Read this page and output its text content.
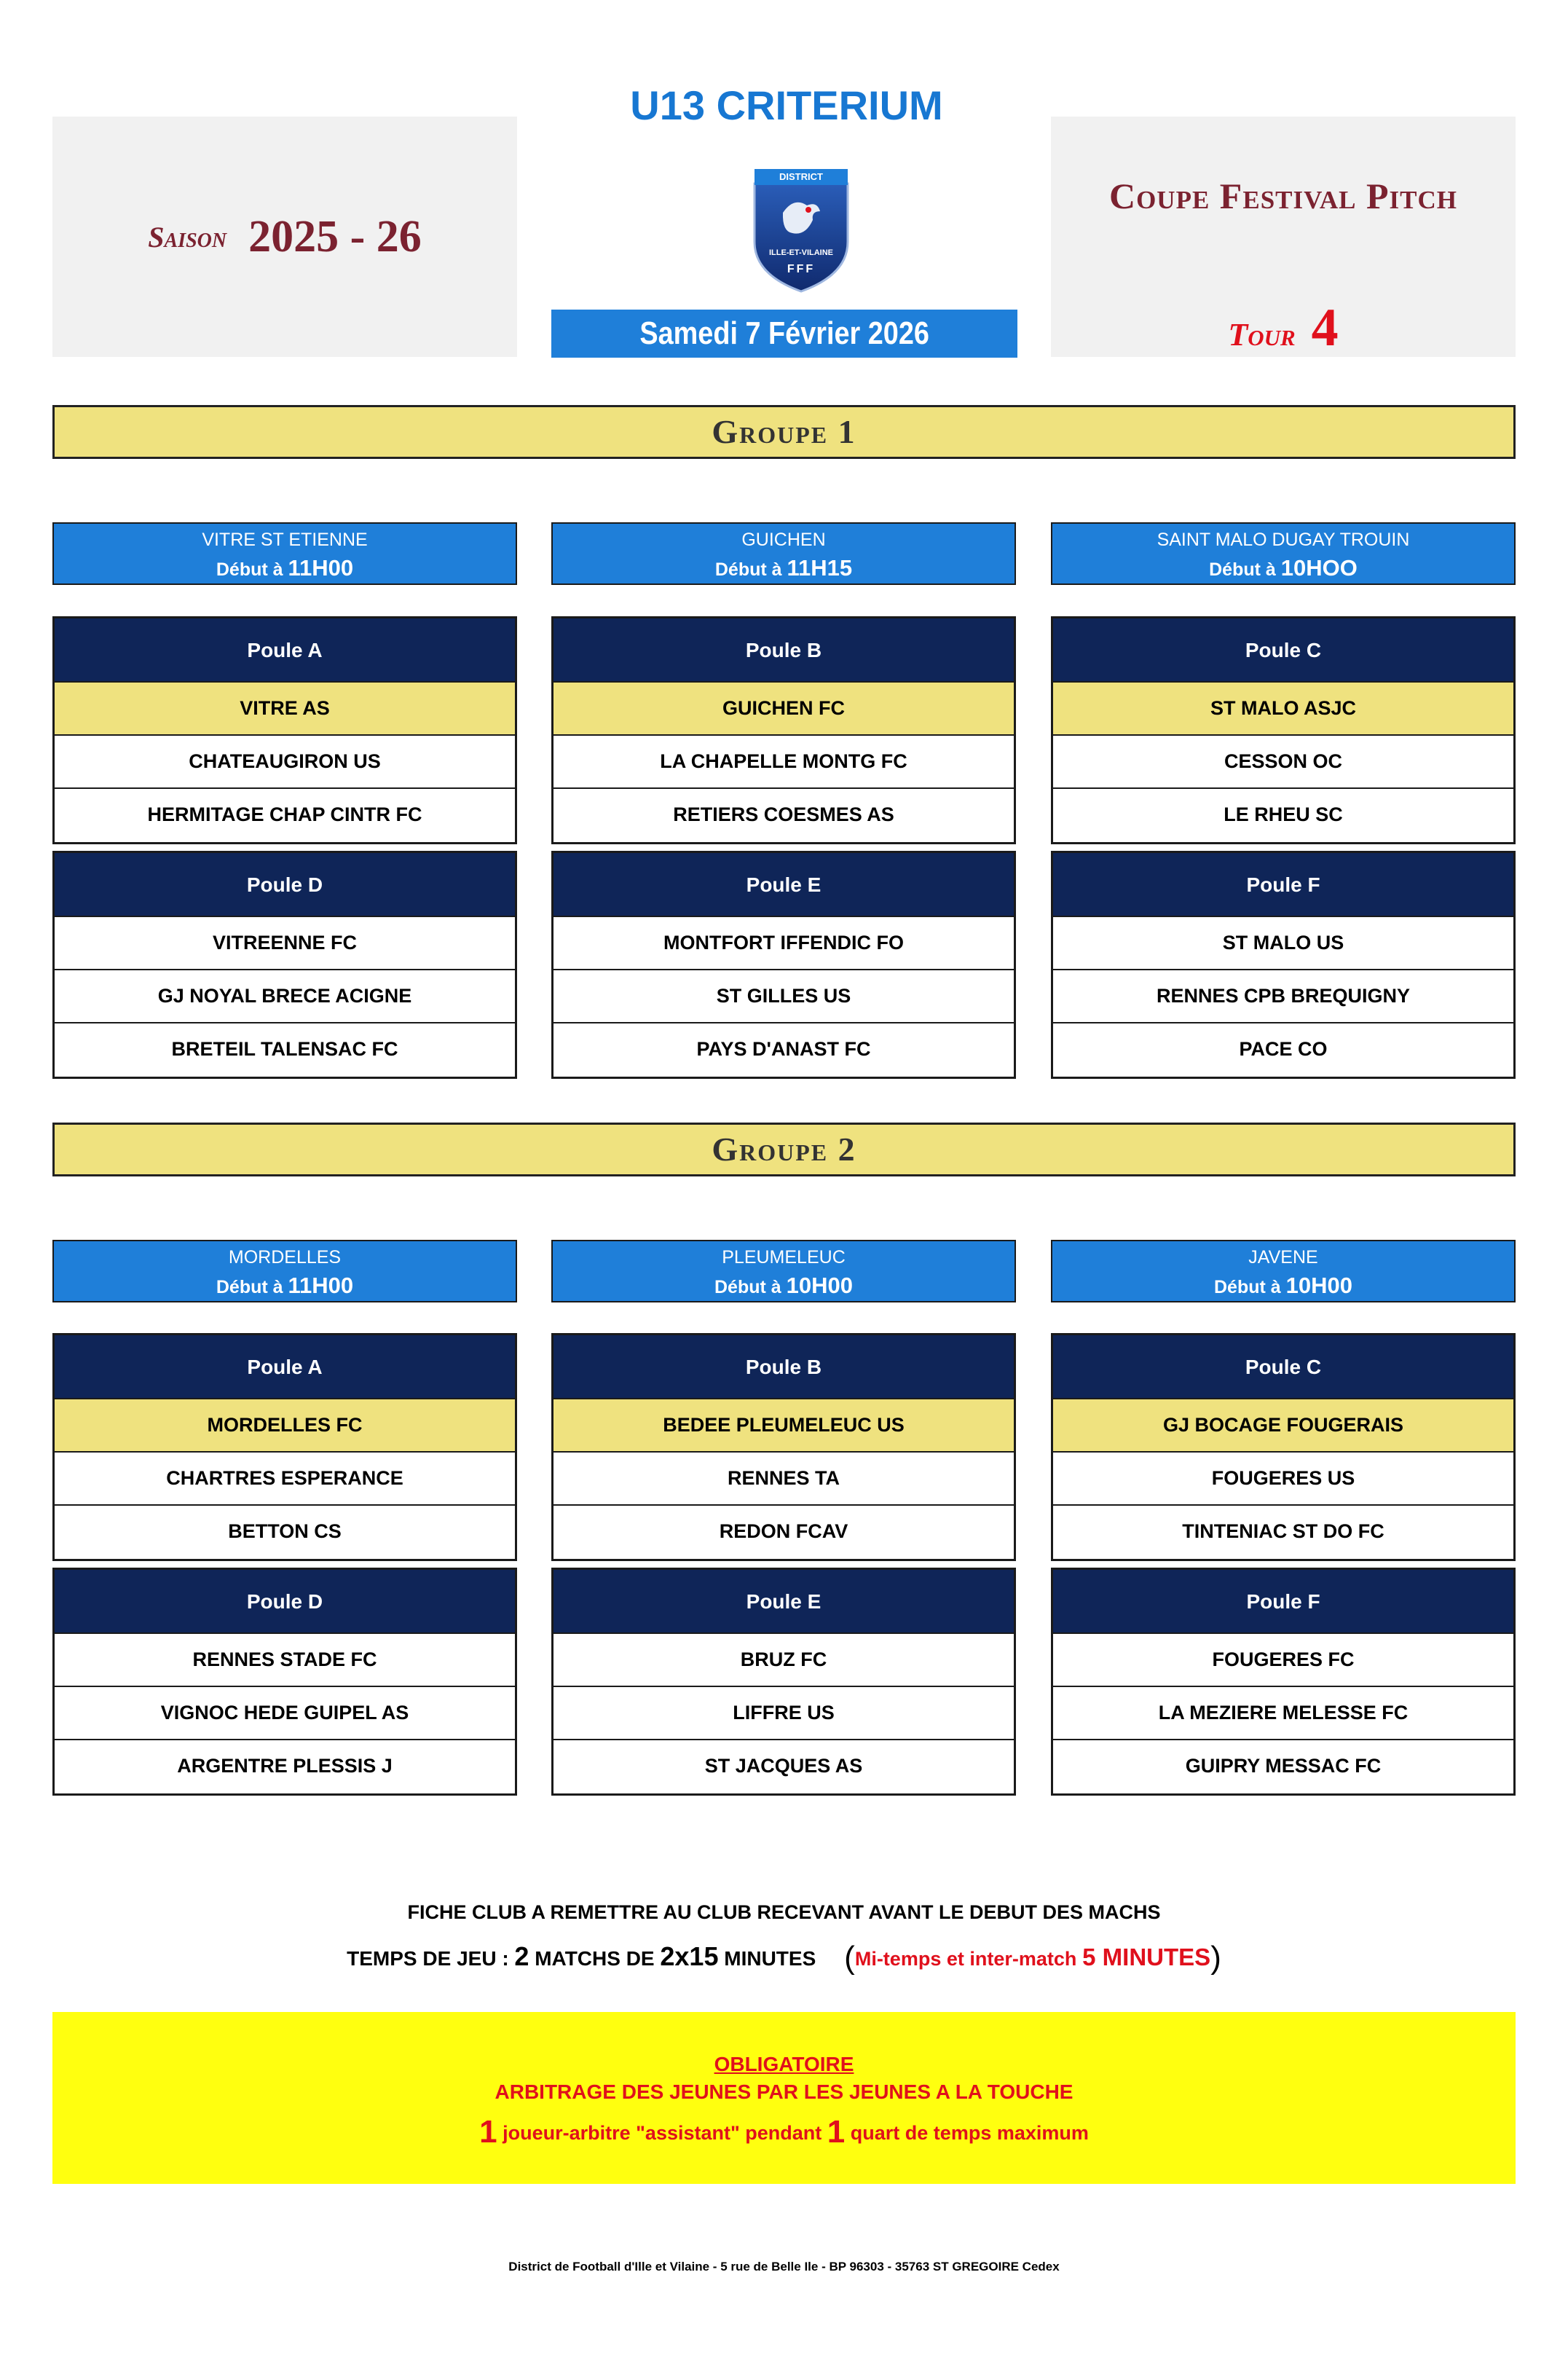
Saison 2025 - 26
U13 CRITERIUM
DISTRICT
ILLE-ET-VILAINE
FFF
Samedi 7 Février 2026
Coupe Festival Pitch
Tour 4
Groupe 1
VITRE ST ETIENNE
Début à 11H00
GUICHEN
Début à 11H15
SAINT MALO DUGAY TROUIN
Début à 10HOO
Poule A
VITRE AS
CHATEAUGIRON US
HERMITAGE CHAP CINTR FC
Poule B
GUICHEN FC
LA CHAPELLE MONTG FC
RETIERS COESMES AS
Poule C
ST MALO ASJC
CESSON OC
LE RHEU SC
Poule D
VITREENNE FC
GJ NOYAL BRECE ACIGNE
BRETEIL TALENSAC FC
Poule E
MONTFORT IFFENDIC FO
ST GILLES US
PAYS D'ANAST FC
Poule F
ST MALO US
RENNES CPB BREQUIGNY
PACE CO
Groupe 2
MORDELLES
Début à 11H00
PLEUMELEUC
Début à 10H00
JAVENE
Début à 10H00
Poule A
MORDELLES FC
CHARTRES ESPERANCE
BETTON CS
Poule B
BEDEE PLEUMELEUC US
RENNES TA
REDON FCAV
Poule C
GJ BOCAGE FOUGERAIS
FOUGERES US
TINTENIAC ST DO FC
Poule D
RENNES STADE FC
VIGNOC HEDE GUIPEL AS
ARGENTRE PLESSIS J
Poule E
BRUZ FC
LIFFRE US
ST JACQUES AS
Poule F
FOUGERES FC
LA MEZIERE MELESSE FC
GUIPRY MESSAC FC
FICHE CLUB A REMETTRE AU CLUB RECEVANT AVANT LE DEBUT DES MACHS
TEMPS DE JEU : 2 MATCHS DE 2x15 MINUTES (Mi-temps et inter-match 5 MINUTES)
OBLIGATOIRE
ARBITRAGE DES JEUNES PAR LES JEUNES A LA TOUCHE
1 joueur-arbitre "assistant" pendant 1 quart de temps maximum
District de Football d'Ille et Vilaine - 5 rue de Belle Ile - BP 96303 - 35763 ST GREGOIRE Cedex
